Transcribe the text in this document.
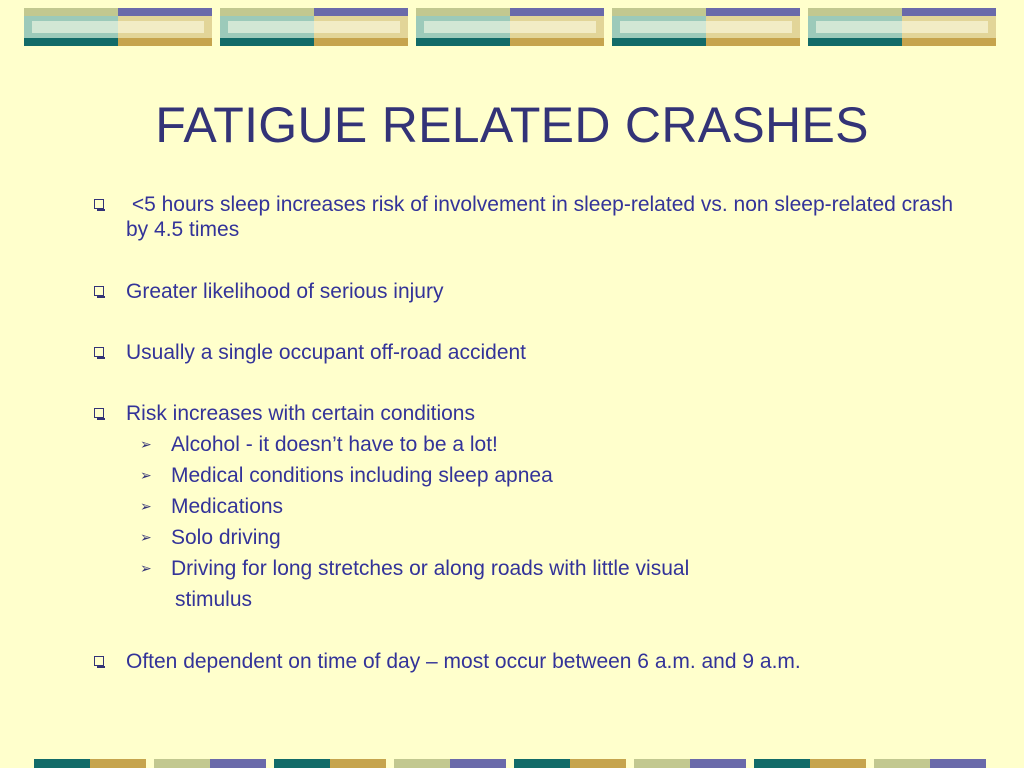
FATIGUE RELATED CRASHES
<5 hours sleep increases risk of involvement in sleep-related vs. non sleep-related crash by 4.5 times
Greater likelihood of serious injury
Usually a single occupant off-road accident
Risk increases with certain conditions
➢ Alcohol - it doesn’t have to be a lot!
➢ Medical conditions including sleep apnea
➢ Medications
➢ Solo driving
➢ Driving for long stretches or along roads with little visual
stimulus
Often dependent on time of day – most occur between 6 a.m. and 9 a.m.
